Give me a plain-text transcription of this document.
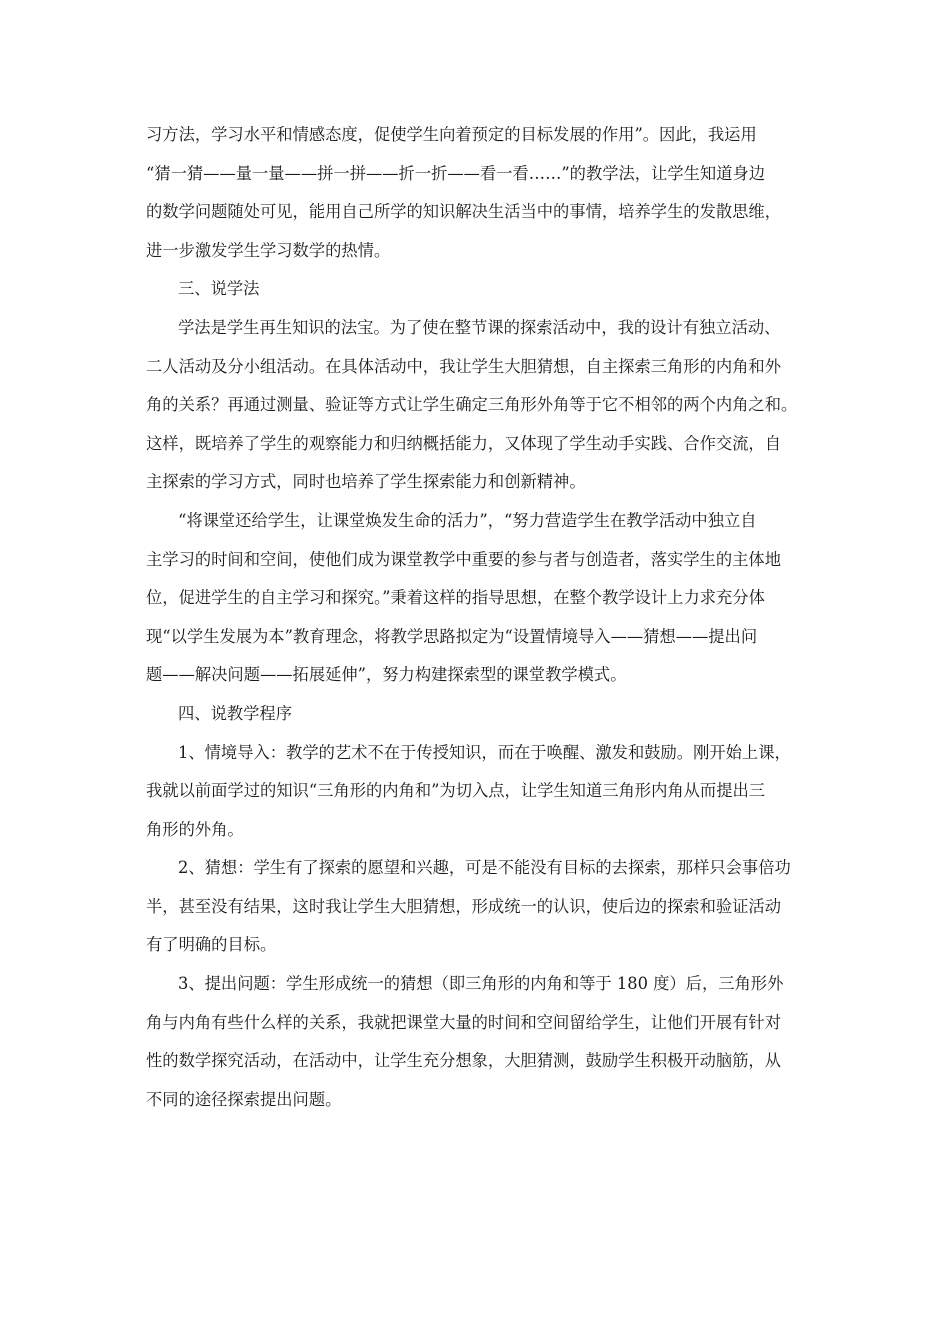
习方法，学习水平和情感态度，促使学生向着预定的目标发展的作用”。因此，我运用
“猜一猜——量一量——拼一拼——折一折——看一看……”的教学法，让学生知道身边
的数学问题随处可见，能用自己所学的知识解决生活当中的事情，培养学生的发散思维，
进一步激发学生学习数学的热情。
三、说学法
学法是学生再生知识的法宝。为了使在整节课的探索活动中，我的设计有独立活动、
二人活动及分小组活动。在具体活动中，我让学生大胆猜想，自主探索三角形的内角和外
角的关系？再通过测量、验证等方式让学生确定三角形外角等于它不相邻的两个内角之和。
这样，既培养了学生的观察能力和归纳概括能力，又体现了学生动手实践、合作交流，自
主探索的学习方式，同时也培养了学生探索能力和创新精神。
“将课堂还给学生，让课堂焕发生命的活力”，“努力营造学生在教学活动中独立自
主学习的时间和空间，使他们成为课堂教学中重要的参与者与创造者，落实学生的主体地
位，促进学生的自主学习和探究。”秉着这样的指导思想，在整个教学设计上力求充分体
现“以学生发展为本”教育理念，将教学思路拟定为“设置情境导入——猜想——提出问
题——解决问题——拓展延伸”，努力构建探索型的课堂教学模式。
四、说教学程序
1、情境导入：教学的艺术不在于传授知识，而在于唤醒、激发和鼓励。刚开始上课，
我就以前面学过的知识“三角形的内角和”为切入点，让学生知道三角形内角从而提出三
角形的外角。
2、猜想：学生有了探索的愿望和兴趣，可是不能没有目标的去探索，那样只会事倍功
半，甚至没有结果，这时我让学生大胆猜想，形成统一的认识，使后边的探索和验证活动
有了明确的目标。
3、提出问题：学生形成统一的猜想（即三角形的内角和等于 180 度）后，三角形外
角与内角有些什么样的关系，我就把课堂大量的时间和空间留给学生，让他们开展有针对
性的数学探究活动，在活动中，让学生充分想象，大胆猜测，鼓励学生积极开动脑筋，从
不同的途径探索提出问题。
